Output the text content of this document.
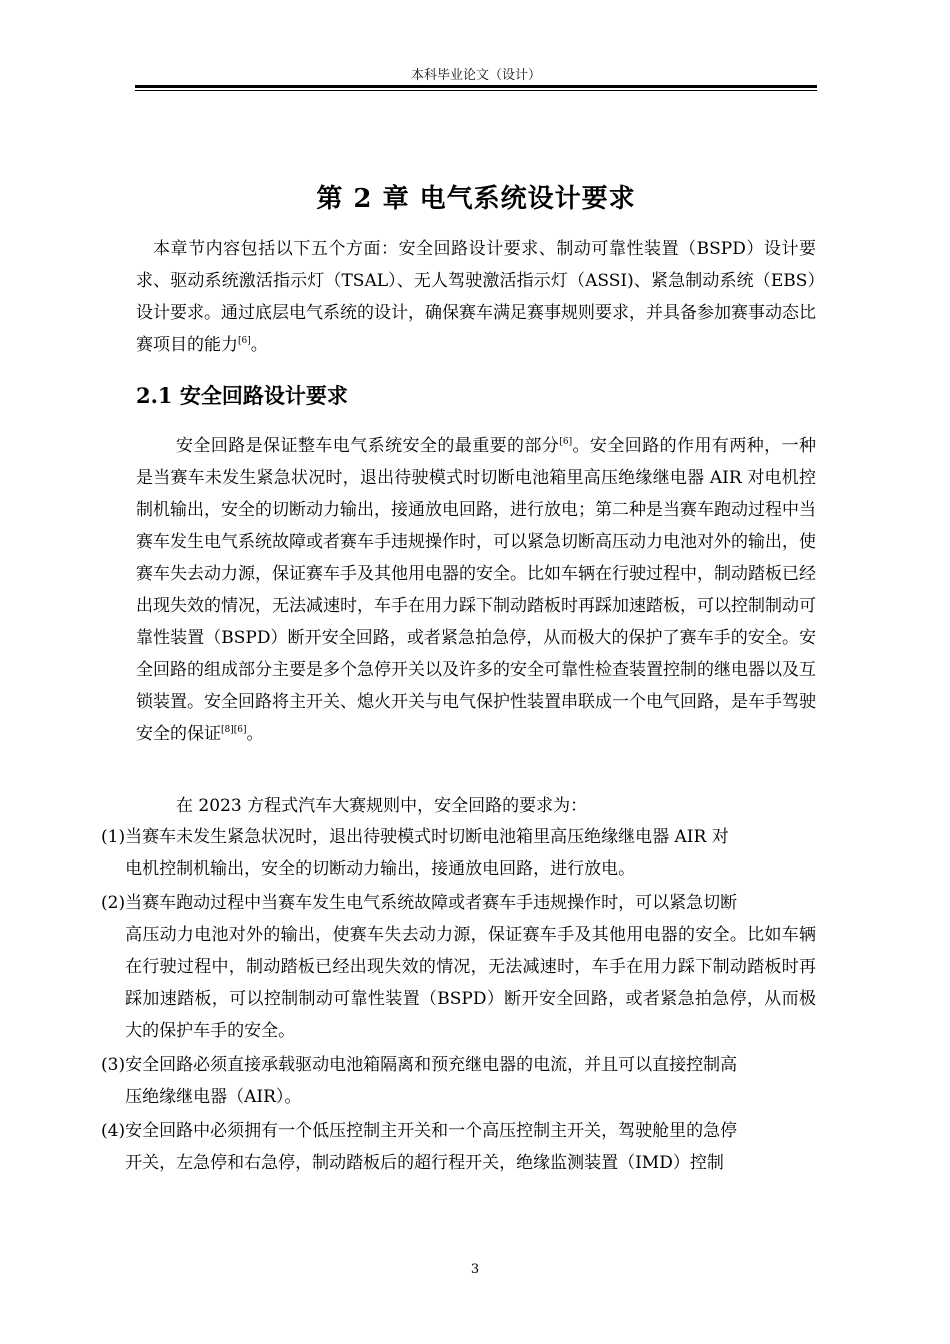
本科毕业论文（设计）
第 2 章 电气系统设计要求
本章节内容包括以下五个方面：安全回路设计要求、制动可靠性装置（BSPD）设计要求、驱动系统激活指示灯（TSAL）、无人驾驶激活指示灯（ASSI)、紧急制动系统（EBS）设计要求。通过底层电气系统的设计，确保赛车满足赛事规则要求，并具备参加赛事动态比赛项目的能力[6]。
2.1 安全回路设计要求
安全回路是保证整车电气系统安全的最重要的部分[6]。安全回路的作用有两种，一种是当赛车未发生紧急状况时，退出待驶模式时切断电池箱里高压绝缘继电器 AIR 对电机控制机输出，安全的切断动力输出，接通放电回路，进行放电；第二种是当赛车跑动过程中当赛车发生电气系统故障或者赛车手违规操作时，可以紧急切断高压动力电池对外的输出，使赛车失去动力源，保证赛车手及其他用电器的安全。比如车辆在行驶过程中，制动踏板已经出现失效的情况，无法减速时，车手在用力踩下制动踏板时再踩加速踏板，可以控制制动可靠性装置（BSPD）断开安全回路，或者紧急拍急停，从而极大的保护了赛车手的安全。安全回路的组成部分主要是多个急停开关以及许多的安全可靠性检查装置控制的继电器以及互锁装置。安全回路将主开关、熄火开关与电气保护性装置串联成一个电气回路，是车手驾驶安全的保证[8][6]。
在 2023 方程式汽车大赛规则中，安全回路的要求为：
(1) 当赛车未发生紧急状况时，退出待驶模式时切断电池箱里高压绝缘继电器 AIR 对
电机控制机输出，安全的切断动力输出，接通放电回路，进行放电。
(2) 当赛车跑动过程中当赛车发生电气系统故障或者赛车手违规操作时，可以紧急切断
高压动力电池对外的输出，使赛车失去动力源，保证赛车手及其他用电器的安全。比如车辆在行驶过程中，制动踏板已经出现失效的情况，无法减速时，车手在用力踩下制动踏板时再踩加速踏板，可以控制制动可靠性装置（BSPD）断开安全回路，或者紧急拍急停，从而极大的保护车手的安全。
(3) 安全回路必须直接承载驱动电池箱隔离和预充继电器的电流，并且可以直接控制高
压绝缘继电器（AIR）。
(4) 安全回路中必须拥有一个低压控制主开关和一个高压控制主开关，驾驶舱里的急停
开关，左急停和右急停，制动踏板后的超行程开关，绝缘监测装置（IMD）控制
3
